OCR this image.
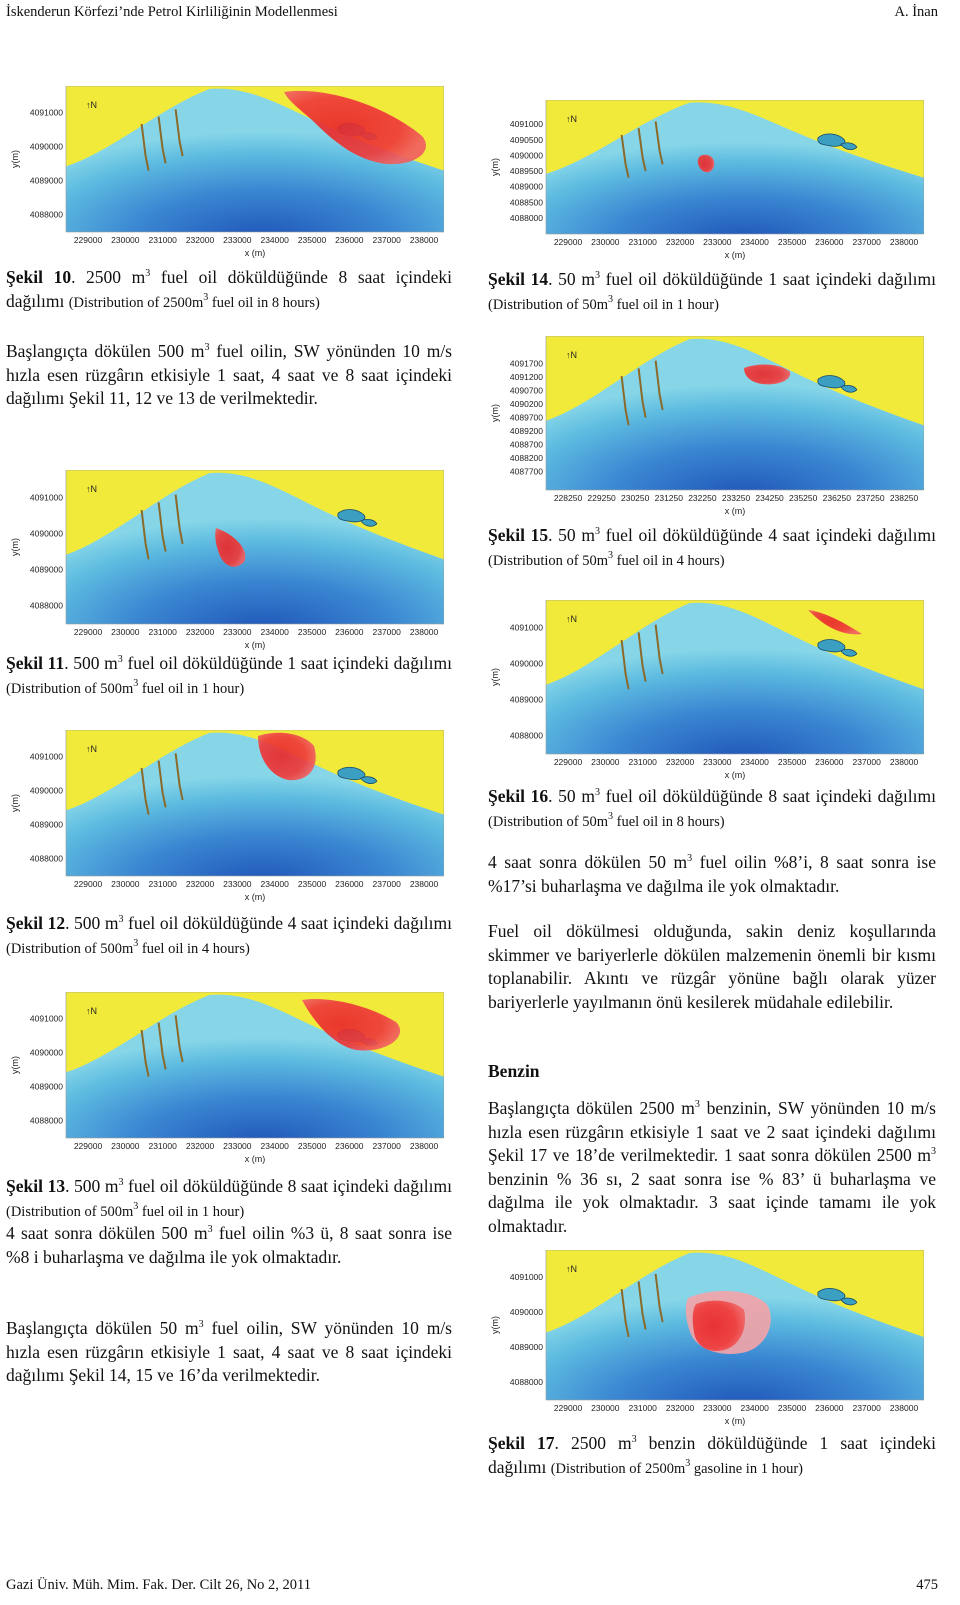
İskenderun Körfezi’nde Petrol Kirliliğinin Modellenmesi	A. İnan
↑N
4091000
4090000
4089000
4088000
y(m)
229000 230000 231000 232000 233000 234000 235000 236000 237000 238000
x (m)
Şekil 10. 2500 $m^3$ fuel oil döküldüğünde 8 saat içindeki dağılımı (Distribution of $2500m^3$ fuel oil in 8 hours)

Başlangıçta dökülen 500 $m^3$ fuel oilin, SW yönünden 10 m/s hızla esen rüzgârın etkisiyle 1 saat, 4 saat ve 8 saat içindeki dağılımı Şekil 11, 12 ve 13 de verilmektedir.

↑N
4091000
4090000
4089000
4088000
y(m)
229000 230000 231000 232000 233000 234000 235000 236000 237000 238000
x (m)
Şekil 11. 500 $m^3$ fuel oil döküldüğünde 1 saat içindeki dağılımı (Distribution of $500m^3$ fuel oil in 1 hour)
↑N
4091000
4090000
4089000
4088000
y(m)
229000 230000 231000 232000 233000 234000 235000 236000 237000 238000
x (m)
Şekil 12. 500 $m^3$ fuel oil döküldüğünde 4 saat içindeki dağılımı (Distribution of $500m^3$ fuel oil in 4 hours)
↑N
4091000
4090000
4089000
4088000
y(m)
229000 230000 231000 232000 233000 234000 235000 236000 237000 238000
x (m)
Şekil 13. 500 $m^3$ fuel oil döküldüğünde 8 saat içindeki dağılımı (Distribution of $500m^3$ fuel oil in 1 hour)

4 saat sonra dökülen 500 $m^3$ fuel oilin %3 ü, 8 saat sonra ise %8 i buharlaşma ve dağılma ile yok olmaktadır.

Başlangıçta dökülen 50 $m^3$ fuel oilin, SW yönünden 10 m/s hızla esen rüzgârın etkisiyle 1 saat, 4 saat ve 8 saat içindeki dağılımı Şekil 14, 15 ve 16’da verilmektedir.

↑N
4091000
4090500
4090000
4089500
4089000
4088500
4088000
y(m)
229000 230000 231000 232000 233000 234000 235000 236000 237000 238000
x (m)
Şekil 14. 50 $m^3$ fuel oil döküldüğünde 1 saat içindeki dağılımı (Distribution of $50m^3$ fuel oil in 1 hour)
↑N
4091700
4091200
4090700
4090200
4089700
4089200
4088700
4088200
4087700
y(m)
228250 229250 230250 231250 232250 233250 234250 235250 236250 237250 238250
x (m)
Şekil 15. 50 $m^3$ fuel oil döküldüğünde 4 saat içindeki dağılımı (Distribution of $50m^3$ fuel oil in 4 hours)
↑N
4091000
4090000
4089000
4088000
y(m)
229000 230000 231000 232000 233000 234000 235000 236000 237000 238000
x (m)
Şekil 16. 50 $m^3$ fuel oil döküldüğünde 8 saat içindeki dağılımı (Distribution of $50m^3$ fuel oil in 8 hours)

4 saat sonra dökülen 50 $m^3$ fuel oilin %8’i, 8 saat sonra ise %17’si buharlaşma ve dağılma ile yok olmaktadır.

Fuel oil dökülmesi olduğunda, sakin deniz koşullarında skimmer ve bariyerlerle dökülen malzemenin önemli bir kısmı toplanabilir. Akıntı ve rüzgâr yönüne bağlı olarak yüzer bariyerlerle yayılmanın önü kesilerek müdahale edilebilir.

Benzin

Başlangıçta dökülen 2500 $m^3$ benzinin, SW yönünden 10 m/s hızla esen rüzgârın etkisiyle 1 saat ve 2 saat içindeki dağılımı Şekil 17 ve 18’de verilmektedir. 1 saat sonra dökülen 2500 $m^3$ benzinin % 36 sı, 2 saat sonra ise % 83’ ü buharlaşma ve dağılma ile yok olmaktadır. 3 saat içinde tamamı ile yok olmaktadır.

↑N
4091000
4090000
4089000
4088000
y(m)
229000 230000 231000 232000 233000 234000 235000 236000 237000 238000
x (m)
Şekil 17. 2500 $m^3$ benzin döküldüğünde 1 saat içindeki dağılımı (Distribution of $2500m^3$ gasoline in 1 hour)
Gazi Üniv. Müh. Mim. Fak. Der. Cilt 26, No 2, 2011	475
